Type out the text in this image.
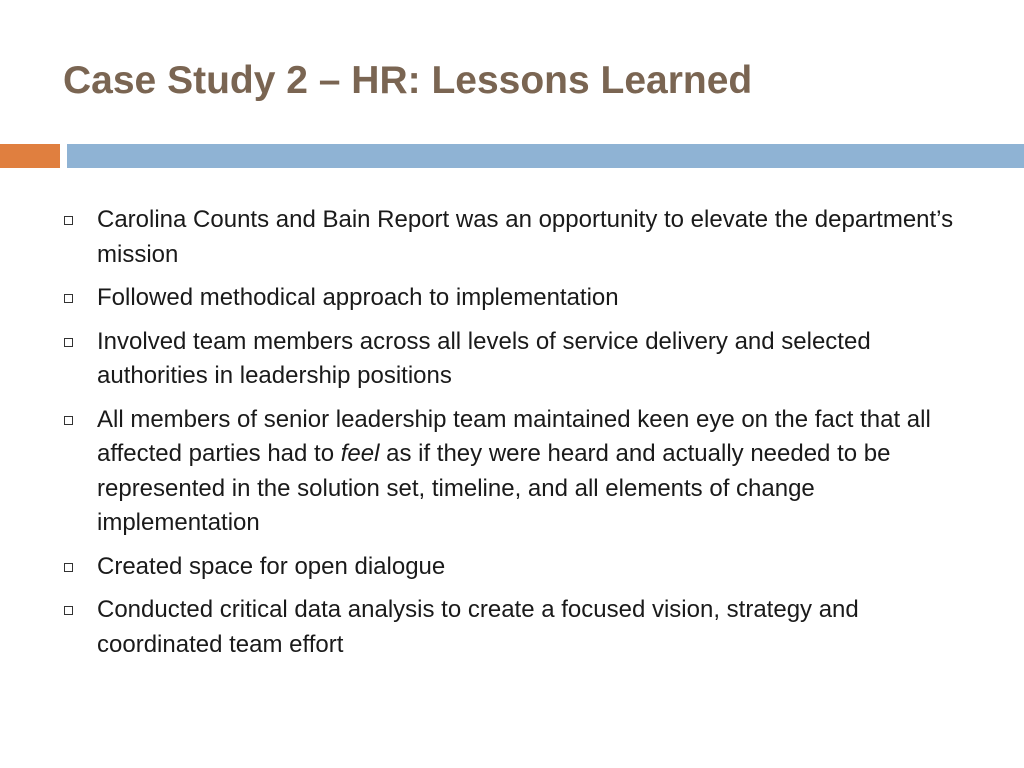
Case Study 2 – HR: Lessons Learned
Carolina Counts and Bain Report was an opportunity to elevate the department’s mission
Followed methodical approach to implementation
Involved team members across all levels of service delivery and selected authorities in leadership positions
All members of senior leadership team maintained keen eye on the fact that all affected parties had to feel as if they were heard and actually needed to be represented in the solution set, timeline, and all elements of change implementation
Created space for open dialogue
Conducted critical data analysis to create a focused vision, strategy and coordinated team effort
